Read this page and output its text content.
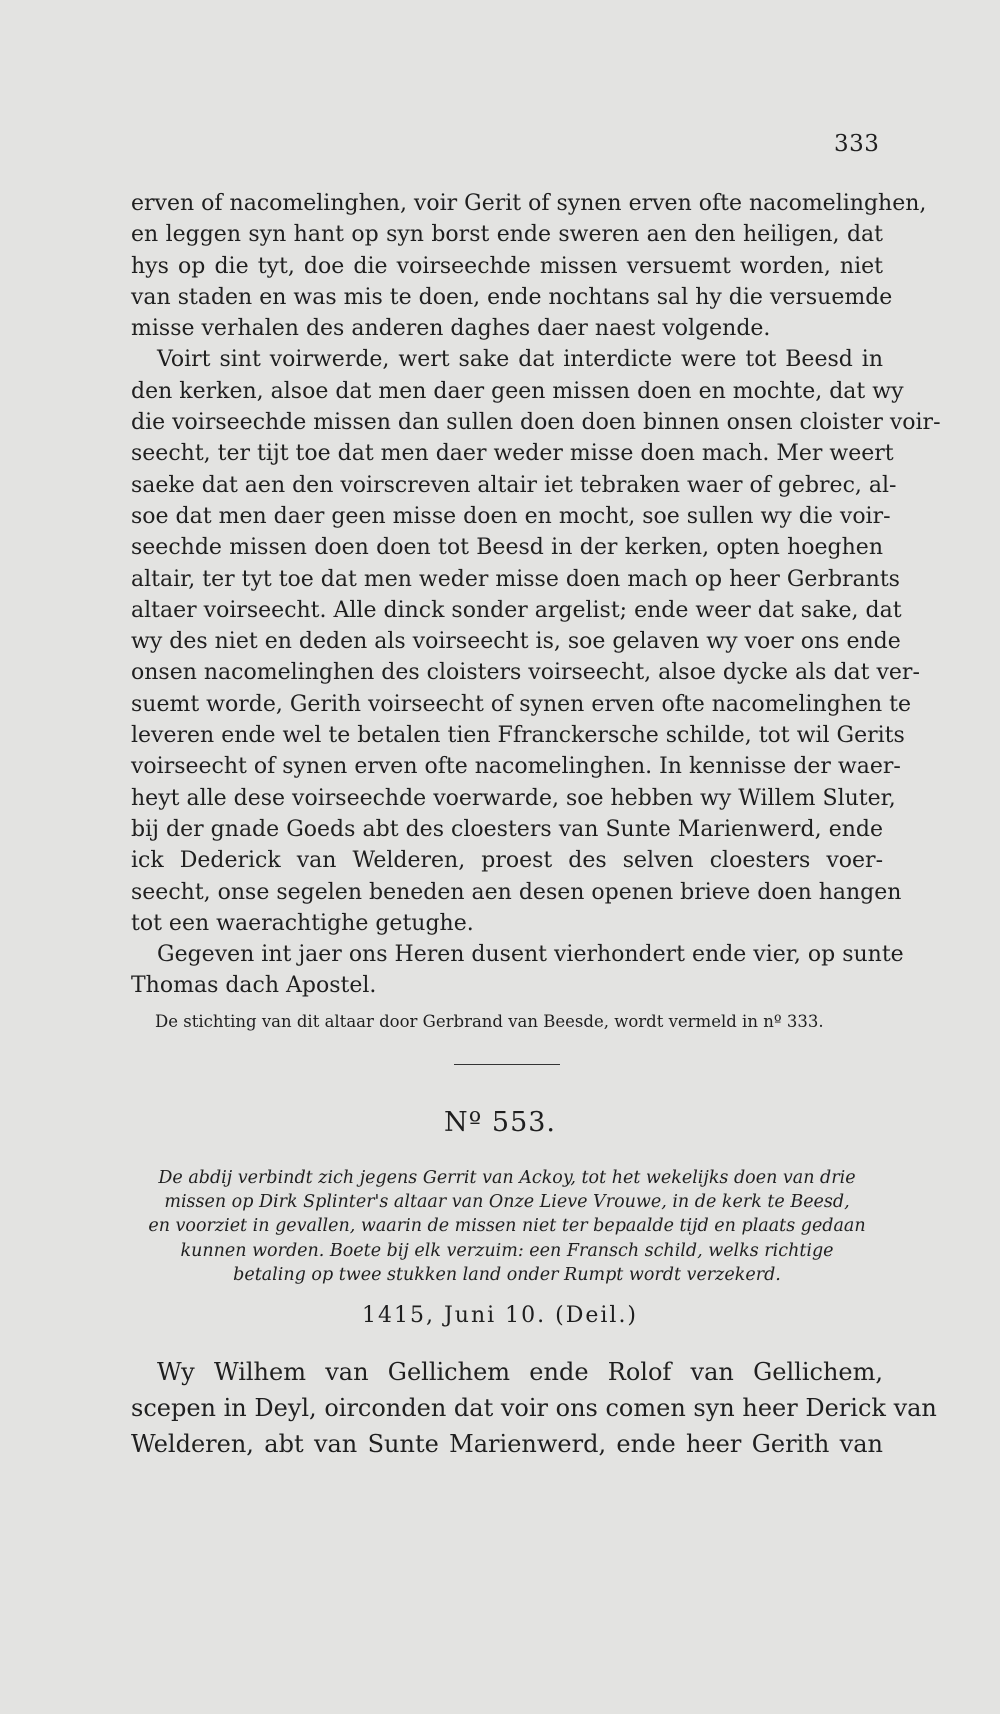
333
erven of nacomelinghen, voir Gerit of synen erven ofte nacomelinghen,
en leggen syn hant op syn borst ende sweren aen den heiligen, dat
hys op die tyt, doe die voirseechde missen versuemt worden, niet
van staden en was mis te doen, ende nochtans sal hy die versuemde
misse verhalen des anderen daghes daer naest volgende.
Voirt sint voirwerde, wert sake dat interdicte were tot Beesd in
den kerken, alsoe dat men daer geen missen doen en mochte, dat wy
die voirseechde missen dan sullen doen doen binnen onsen cloister voir-
seecht, ter tijt toe dat men daer weder misse doen mach. Mer weert
saeke dat aen den voirscreven altair iet tebraken waer of gebrec, al-
soe dat men daer geen misse doen en mocht, soe sullen wy die voir-
seechde missen doen doen tot Beesd in der kerken, opten hoeghen
altair, ter tyt toe dat men weder misse doen mach op heer Gerbrants
altaer voirseecht. Alle dinck sonder argelist; ende weer dat sake, dat
wy des niet en deden als voirseecht is, soe gelaven wy voer ons ende
onsen nacomelinghen des cloisters voirseecht, alsoe dycke als dat ver-
suemt worde, Gerith voirseecht of synen erven ofte nacomelinghen te
leveren ende wel te betalen tien Ffranckersche schilde, tot wil Gerits
voirseecht of synen erven ofte nacomelinghen. In kennisse der waer-
heyt alle dese voirseechde voerwarde, soe hebben wy Willem Sluter,
bij der gnade Goeds abt des cloesters van Sunte Marienwerd, ende
ick Dederick van Welderen, proest des selven cloesters voer-
seecht, onse segelen beneden aen desen openen brieve doen hangen
tot een waerachtighe getughe.
Gegeven int jaer ons Heren dusent vierhondert ende vier, op sunte
Thomas dach Apostel.
De stichting van dit altaar door Gerbrand van Beesde, wordt vermeld in nº 333.
Nº 553.
De abdij verbindt zich jegens Gerrit van Ackoy, tot het wekelijks doen van drie
missen op Dirk Splinter's altaar van Onze Lieve Vrouwe, in de kerk te Beesd,
en voorziet in gevallen, waarin de missen niet ter bepaalde tijd en plaats gedaan
kunnen worden. Boete bij elk verzuim: een Fransch schild, welks richtige
betaling op twee stukken land onder Rumpt wordt verzekerd.
1415, Juni 10. (Deil.)
Wy Wilhem van Gellichem ende Rolof van Gellichem,
scepen in Deyl, oirconden dat voir ons comen syn heer Derick van
Welderen, abt van Sunte Marienwerd, ende heer Gerith van
